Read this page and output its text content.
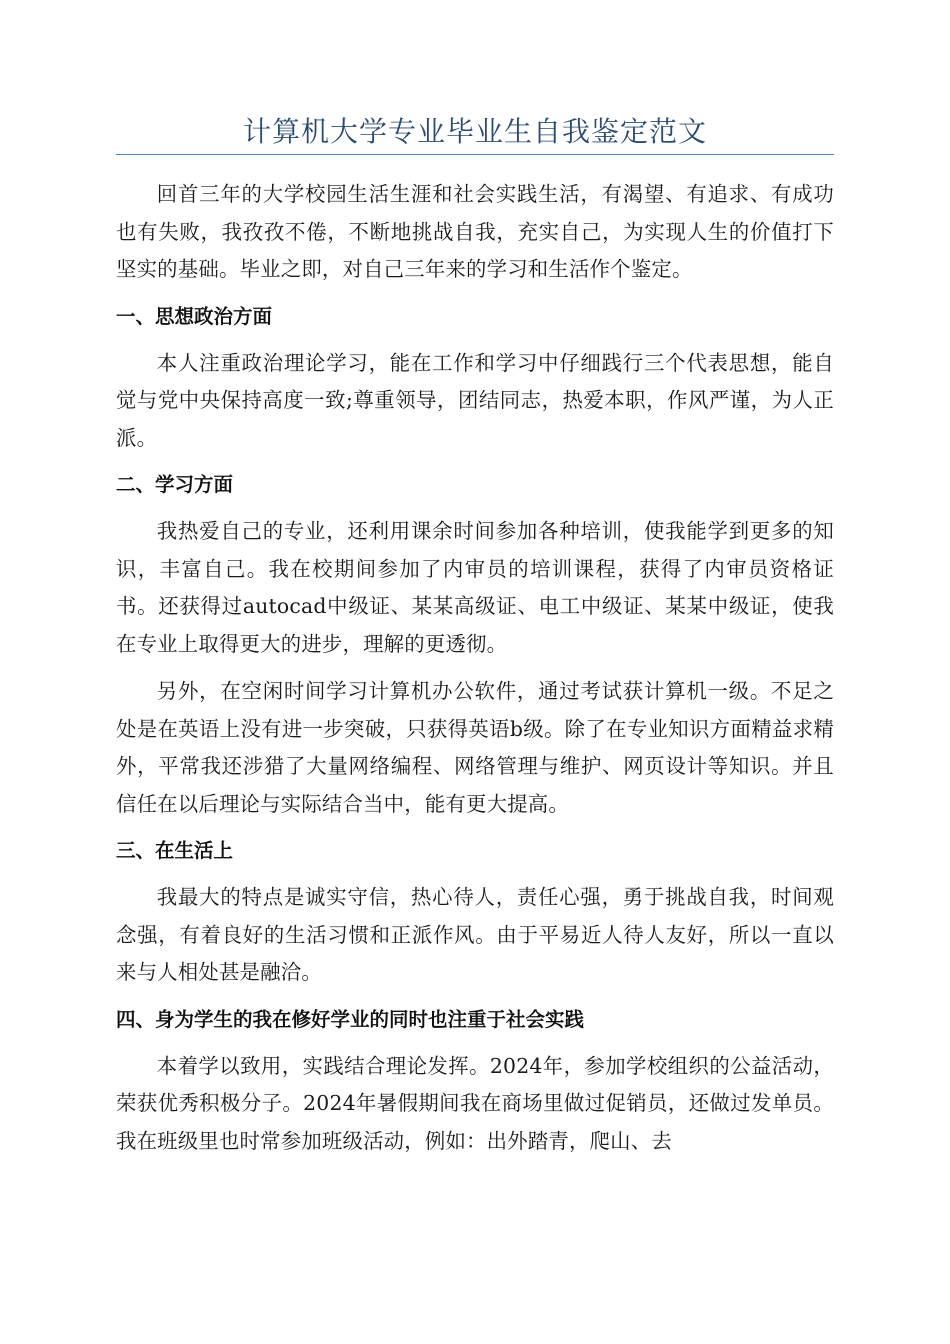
计算机大学专业毕业生自我鉴定范文

回首三年的大学校园生活生涯和社会实践生活，有渴望、有追求、有成功也有失败，我孜孜不倦，不断地挑战自我，充实自己，为实现人生的价值打下坚实的基础。毕业之即，对自己三年来的学习和生活作个鉴定。

一、思想政治方面

本人注重政治理论学习，能在工作和学习中仔细践行三个代表思想，能自觉与党中央保持高度一致;尊重领导，团结同志，热爱本职，作风严谨，为人正派。

二、学习方面

我热爱自己的专业，还利用课余时间参加各种培训，使我能学到更多的知识，丰富自己。我在校期间参加了内审员的培训课程，获得了内审员资格证书。还获得过autocad中级证、某某高级证、电工中级证、某某中级证，使我在专业上取得更大的进步，理解的更透彻。

另外，在空闲时间学习计算机办公软件，通过考试获计算机一级。不足之处是在英语上没有进一步突破，只获得英语b级。除了在专业知识方面精益求精外，平常我还涉猎了大量网络编程、网络管理与维护、网页设计等知识。并且信任在以后理论与实际结合当中，能有更大提高。

三、在生活上

我最大的特点是诚实守信，热心待人，责任心强，勇于挑战自我，时间观念强，有着良好的生活习惯和正派作风。由于平易近人待人友好，所以一直以来与人相处甚是融洽。

四、身为学生的我在修好学业的同时也注重于社会实践

本着学以致用，实践结合理论发挥。2024年，参加学校组织的公益活动，荣获优秀积极分子。2024年暑假期间我在商场里做过促销员，还做过发单员。我在班级里也时常参加班级活动，例如：出外踏青，爬山、去
